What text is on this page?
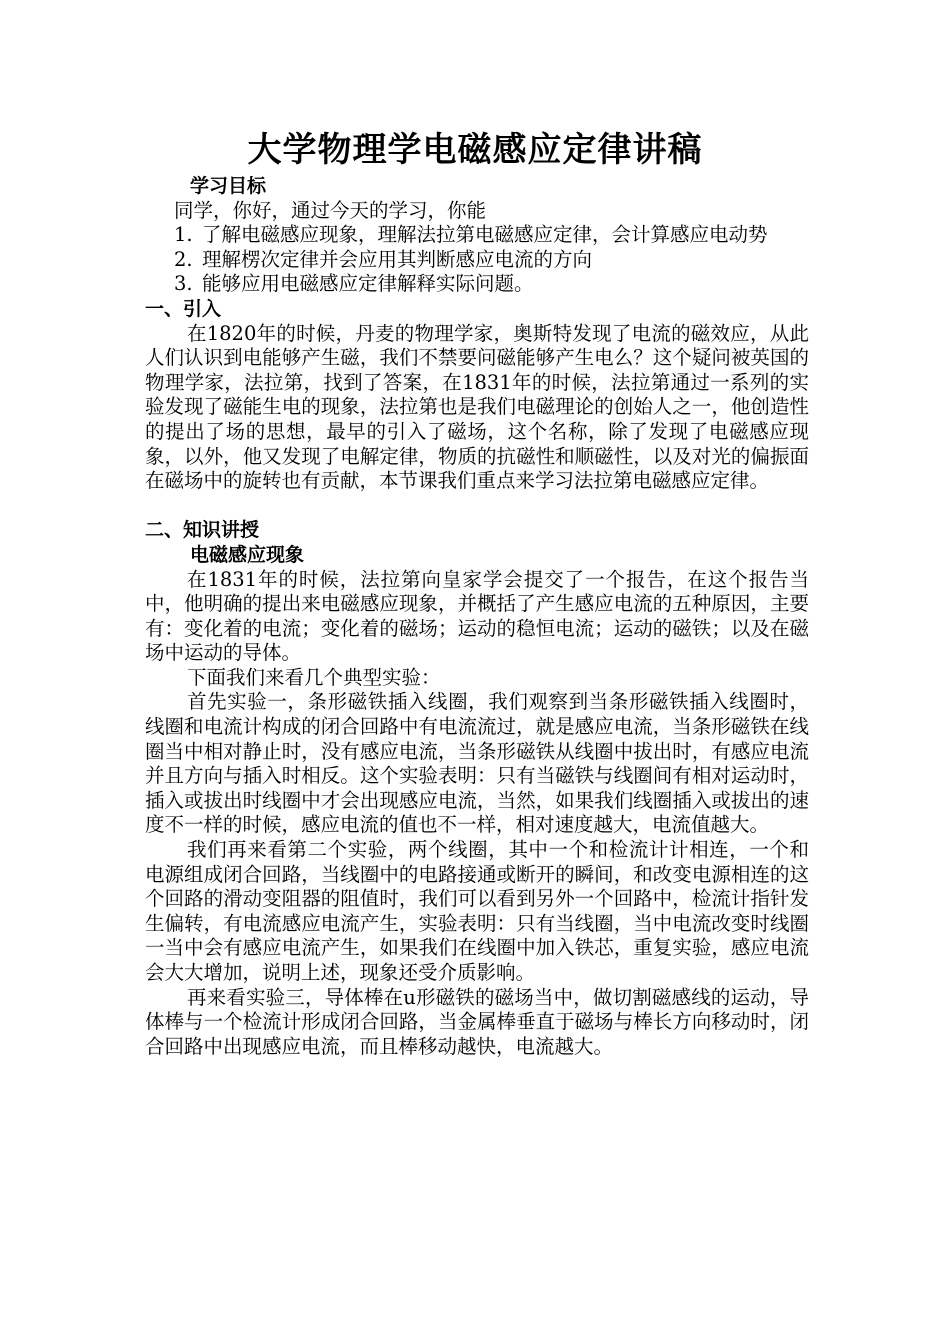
大学物理学电磁感应定律讲稿
学习目标
同学，你好，通过今天的学习，你能
1. 了解电磁感应现象，理解法拉第电磁感应定律，会计算感应电动势
2. 理解楞次定律并会应用其判断感应电流的方向
3. 能够应用电磁感应定律解释实际问题。
一、引入

在1820年的时候，丹麦的物理学家，奥斯特发现了电流的磁效应，从此人们认识到电能够产生磁，我们不禁要问磁能够产生电么？这个疑问被英国的物理学家，法拉第，找到了答案，在1831年的时候，法拉第通过一系列的实验发现了磁能生电的现象，法拉第也是我们电磁理论的创始人之一，他创造性的提出了场的思想，最早的引入了磁场，这个名称，除了发现了电磁感应现象，以外，他又发现了电解定律，物质的抗磁性和顺磁性，以及对光的偏振面在磁场中的旋转也有贡献，本节课我们重点来学习法拉第电磁感应定律。

二、知识讲授
电磁感应现象

在1831年的时候，法拉第向皇家学会提交了一个报告，在这个报告当中，他明确的提出来电磁感应现象，并概括了产生感应电流的五种原因，主要有：变化着的电流；变化着的磁场；运动的稳恒电流；运动的磁铁；以及在磁场中运动的导体。

下面我们来看几个典型实验：

首先实验一，条形磁铁插入线圈，我们观察到当条形磁铁插入线圈时，线圈和电流计构成的闭合回路中有电流流过，就是感应电流，当条形磁铁在线圈当中相对静止时，没有感应电流，当条形磁铁从线圈中拔出时，有感应电流并且方向与插入时相反。这个实验表明：只有当磁铁与线圈间有相对运动时，插入或拔出时线圈中才会出现感应电流，当然，如果我们线圈插入或拔出的速度不一样的时候，感应电流的值也不一样，相对速度越大，电流值越大。

我们再来看第二个实验，两个线圈，其中一个和检流计计相连，一个和电源组成闭合回路，当线圈中的电路接通或断开的瞬间，和改变电源相连的这个回路的滑动变阻器的阻值时，我们可以看到另外一个回路中，检流计指针发生偏转，有电流感应电流产生，实验表明：只有当线圈，当中电流改变时线圈一当中会有感应电流产生，如果我们在线圈中加入铁芯，重复实验，感应电流会大大增加，说明上述，现象还受介质影响。

再来看实验三，导体棒在u形磁铁的磁场当中，做切割磁感线的运动，导体棒与一个检流计形成闭合回路，当金属棒垂直于磁场与棒长方向移动时，闭合回路中出现感应电流，而且棒移动越快，电流越大。
